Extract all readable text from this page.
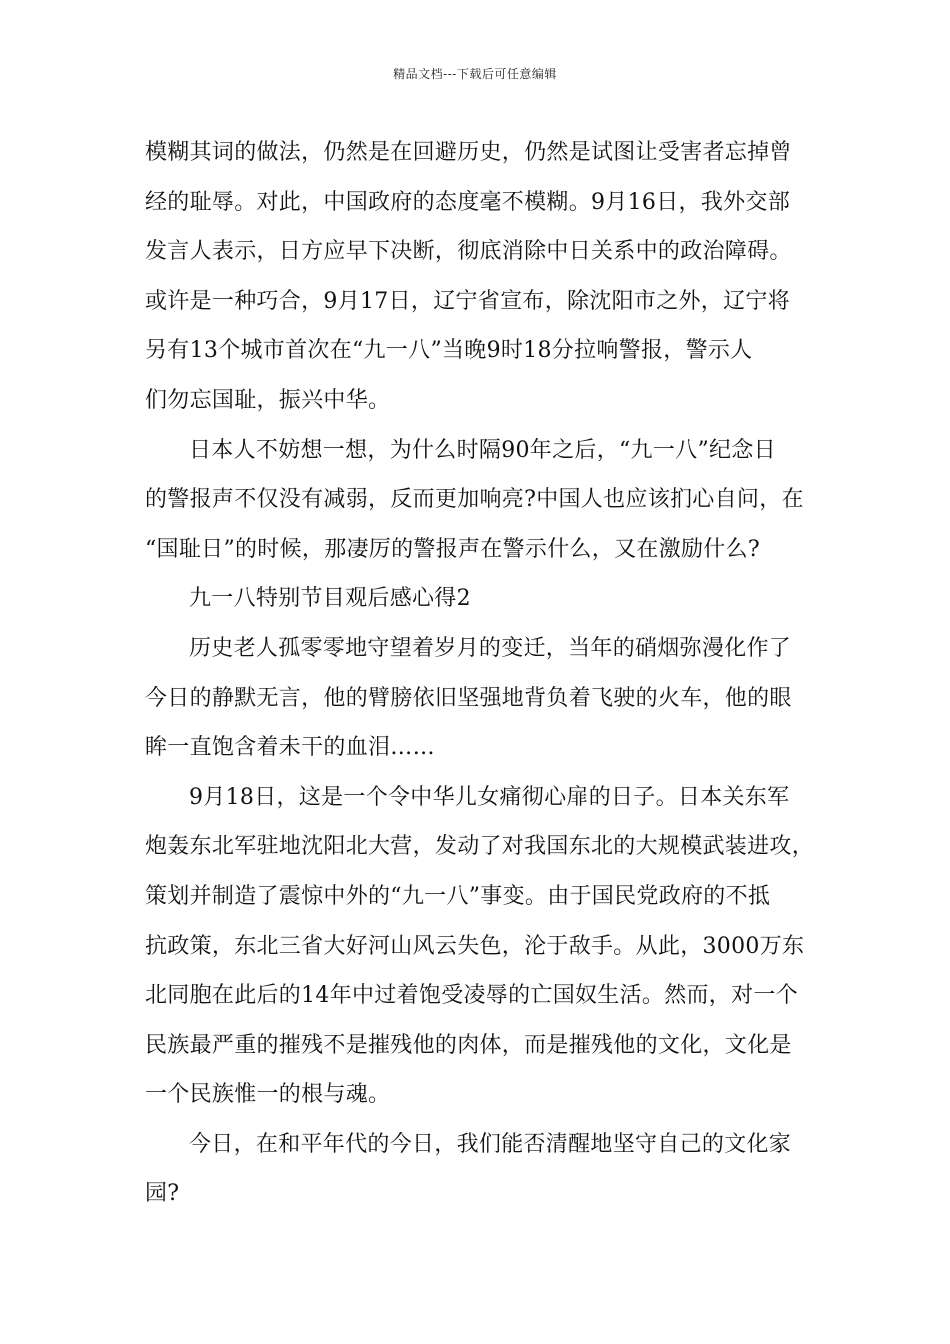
精品文档---下载后可任意编辑
模糊其词的做法，仍然是在回避历史，仍然是试图让受害者忘掉曾
经的耻辱。对此，中国政府的态度毫不模糊。9月16日，我外交部
发言人表示，日方应早下决断，彻底消除中日关系中的政治障碍。
或许是一种巧合，9月17日，辽宁省宣布，除沈阳市之外，辽宁将
另有13个城市首次在“九一八”当晚9时18分拉响警报，警示人
们勿忘国耻，振兴中华。
日本人不妨想一想，为什么时隔90年之后，“九一八”纪念日
的警报声不仅没有减弱，反而更加响亮?中国人也应该扪心自问，在
“国耻日”的时候，那凄厉的警报声在警示什么，又在激励什么?
九一八特别节目观后感心得2
历史老人孤零零地守望着岁月的变迁，当年的硝烟弥漫化作了
今日的静默无言，他的臂膀依旧坚强地背负着飞驶的火车，他的眼
眸一直饱含着未干的血泪……
9月18日，这是一个令中华儿女痛彻心扉的日子。日本关东军
炮轰东北军驻地沈阳北大营，发动了对我国东北的大规模武装进攻，
策划并制造了震惊中外的“九一八”事变。由于国民党政府的不抵
抗政策，东北三省大好河山风云失色，沦于敌手。从此，3000万东
北同胞在此后的14年中过着饱受凌辱的亡国奴生活。然而，对一个
民族最严重的摧残不是摧残他的肉体，而是摧残他的文化，文化是
一个民族惟一的根与魂。
今日，在和平年代的今日，我们能否清醒地坚守自己的文化家
园?
